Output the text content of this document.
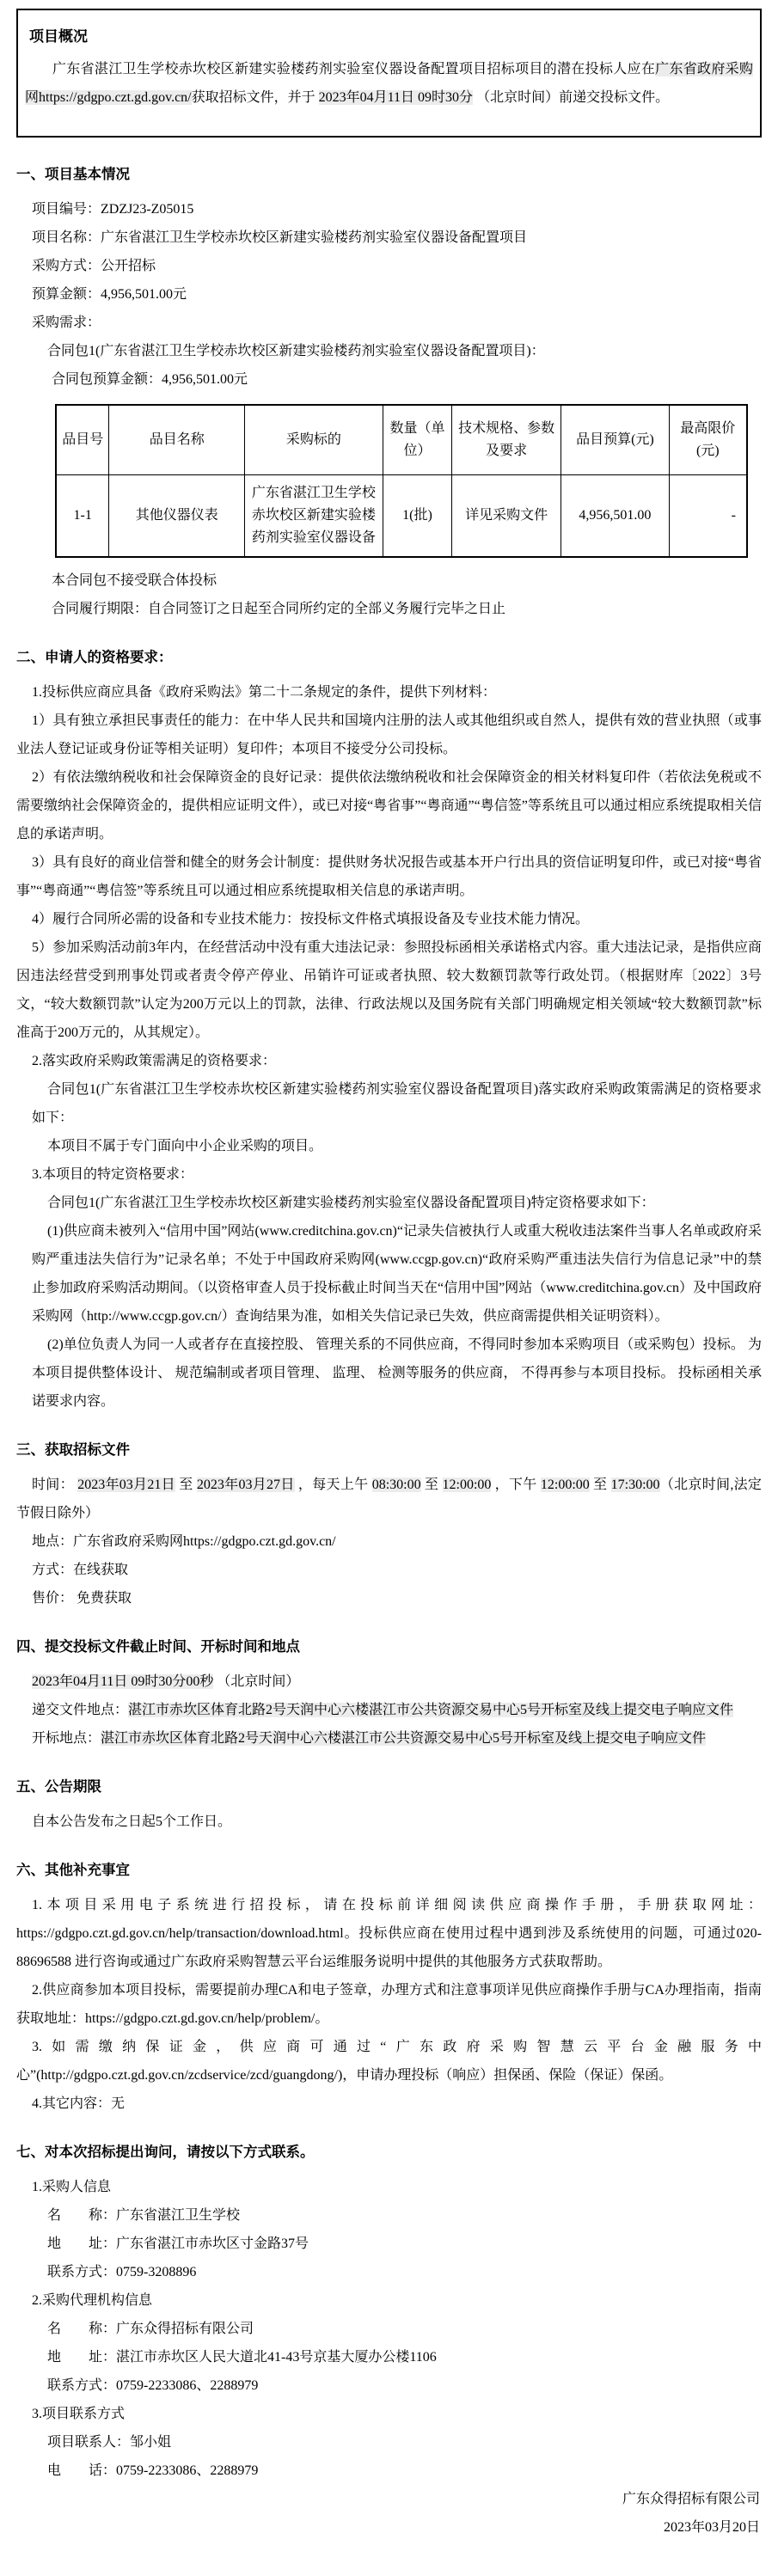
项目概况

广东省湛江卫生学校赤坎校区新建实验楼药剂实验室仪器设备配置项目招标项目的潜在投标人应在广东省政府采购网https://gdgpo.czt.gd.gov.cn/获取招标文件，并于 2023年04月11日 09时30分 （北京时间）前递交投标文件。

一、项目基本情况

项目编号：ZDZJ23-Z05015

项目名称：广东省湛江卫生学校赤坎校区新建实验楼药剂实验室仪器设备配置项目

采购方式：公开招标

预算金额：4,956,501.00元

采购需求：

合同包1(广东省湛江卫生学校赤坎校区新建实验楼药剂实验室仪器设备配置项目)：

合同包预算金额：4,956,501.00元

品目号	品目名称	采购标的	数量（单位）	技术规格、参数及要求	品目预算(元)	最高限价(元)
1-1	其他仪器仪表	广东省湛江卫生学校赤坎校区新建实验楼药剂实验室仪器设备	1(批)	详见采购文件	4,956,501.00	-

本合同包不接受联合体投标

合同履行期限：自合同签订之日起至合同所约定的全部义务履行完毕之日止

二、申请人的资格要求：

1.投标供应商应具备《政府采购法》第二十二条规定的条件，提供下列材料：

1）具有独立承担民事责任的能力：在中华人民共和国境内注册的法人或其他组织或自然人，提供有效的营业执照（或事业法人登记证或身份证等相关证明）复印件；本项目不接受分公司投标。

2）有依法缴纳税收和社会保障资金的良好记录：提供依法缴纳税收和社会保障资金的相关材料复印件（若依法免税或不需要缴纳社会保障资金的，提供相应证明文件），或已对接“粤省事”“粤商通”“粤信签”等系统且可以通过相应系统提取相关信息的承诺声明。

3）具有良好的商业信誉和健全的财务会计制度：提供财务状况报告或基本开户行出具的资信证明复印件，或已对接“粤省事”“粤商通”“粤信签”等系统且可以通过相应系统提取相关信息的承诺声明。

4）履行合同所必需的设备和专业技术能力：按投标文件格式填报设备及专业技术能力情况。

5）参加采购活动前3年内，在经营活动中没有重大违法记录：参照投标函相关承诺格式内容。重大违法记录，是指供应商因违法经营受到刑事处罚或者责令停产停业、吊销许可证或者执照、较大数额罚款等行政处罚。（根据财库〔2022〕3号文，“较大数额罚款”认定为200万元以上的罚款，法律、行政法规以及国务院有关部门明确规定相关领域“较大数额罚款”标准高于200万元的，从其规定）。

2.落实政府采购政策需满足的资格要求：

合同包1(广东省湛江卫生学校赤坎校区新建实验楼药剂实验室仪器设备配置项目)落实政府采购政策需满足的资格要求如下：

本项目不属于专门面向中小企业采购的项目。

3.本项目的特定资格要求：

合同包1(广东省湛江卫生学校赤坎校区新建实验楼药剂实验室仪器设备配置项目)特定资格要求如下：

(1)供应商未被列入“信用中国”网站(www.creditchina.gov.cn)“记录失信被执行人或重大税收违法案件当事人名单或政府采购严重违法失信行为”记录名单；不处于中国政府采购网(www.ccgp.gov.cn)“政府采购严重违法失信行为信息记录”中的禁止参加政府采购活动期间。（以资格审查人员于投标截止时间当天在“信用中国”网站（www.creditchina.gov.cn）及中国政府采购网（http://www.ccgp.gov.cn/）查询结果为准，如相关失信记录已失效，供应商需提供相关证明资料）。

(2)单位负责人为同一人或者存在直接控股、 管理关系的不同供应商，不得同时参加本采购项目（或采购包）投标。 为本项目提供整体设计、 规范编制或者项目管理、 监理、 检测等服务的供应商， 不得再参与本项目投标。 投标函相关承诺要求内容。

三、获取招标文件

时间： 2023年03月21日 至 2023年03月27日 ，每天上午 08:30:00 至 12:00:00 ，下午 12:00:00 至 17:30:00（北京时间,法定节假日除外）

地点：广东省政府采购网https://gdgpo.czt.gd.gov.cn/

方式：在线获取

售价： 免费获取

四、提交投标文件截止时间、开标时间和地点

2023年04月11日 09时30分00秒 （北京时间）

递交文件地点：湛江市赤坎区体育北路2号天润中心六楼湛江市公共资源交易中心5号开标室及线上提交电子响应文件

开标地点：湛江市赤坎区体育北路2号天润中心六楼湛江市公共资源交易中心5号开标室及线上提交电子响应文件

五、公告期限

自本公告发布之日起5个工作日。

六、其他补充事宜

1.本项目采用电子系统进行招投标，请在投标前详细阅读供应商操作手册，手册获取网址：https://gdgpo.czt.gd.gov.cn/help/transaction/download.html。投标供应商在使用过程中遇到涉及系统使用的问题，可通过020-88696588 进行咨询或通过广东政府采购智慧云平台运维服务说明中提供的其他服务方式获取帮助。

2.供应商参加本项目投标，需要提前办理CA和电子签章，办理方式和注意事项详见供应商操作手册与CA办理指南，指南获取地址：https://gdgpo.czt.gd.gov.cn/help/problem/。

3.如需缴纳保证金，供应商可通过“广东政府采购智慧云平台金融服务中心”(http://gdgpo.czt.gd.gov.cn/zcdservice/zcd/guangdong/)，申请办理投标（响应）担保函、保险（保证）保函。

4.其它内容：无

七、对本次招标提出询问，请按以下方式联系。

1.采购人信息

名　　称：广东省湛江卫生学校

地　　址：广东省湛江市赤坎区寸金路37号

联系方式：0759-3208896

2.采购代理机构信息

名　　称：广东众得招标有限公司

地　　址：湛江市赤坎区人民大道北41-43号京基大厦办公楼1106

联系方式：0759-2233086、2288979

3.项目联系方式

项目联系人：邹小姐

电　　话：0759-2233086、2288979

广东众得招标有限公司
2023年03月20日
